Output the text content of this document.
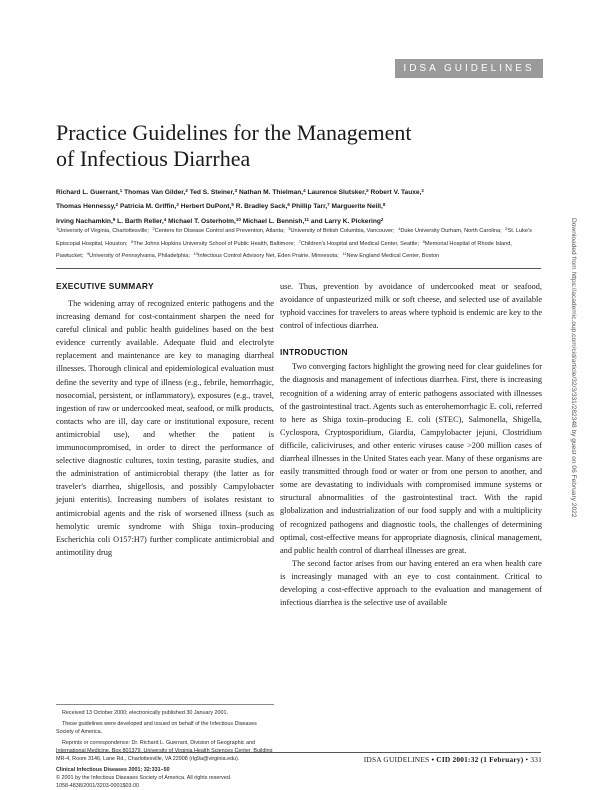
IDSA GUIDELINES
Practice Guidelines for the Management
of Infectious Diarrhea
Richard L. Guerrant,$^1$ Thomas Van Gilder,$^2$ Ted S. Steiner,$^3$ Nathan M. Thielman,$^4$ Laurence Slutsker,$^2$ Robert V. Tauxe,$^2$
Thomas Hennessy,$^2$ Patricia M. Griffin,$^2$ Herbert DuPont,$^5$ R. Bradley Sack,$^6$ Phillip Tarr,$^7$ Marguerite Neill,$^8$
Irving Nachamkin,$^9$ L. Barth Reller,$^4$ Michael T. Osterholm,$^{10}$ Michael L. Bennish,$^{11}$ and Larry K. Pickering$^2$
$^1$University of Virginia, Charlottesville; $^2$Centers for Disease Control and Prevention, Atlanta; $^3$University of British Columbia, Vancouver; $^4$Duke University Durham, North Carolina; $^5$St. Luke's Episcopal Hospital, Houston; $^6$The Johns Hopkins University School of Public Health, Baltimore; $^7$Children's Hospital and Medical Center, Seattle; $^8$Memorial Hospital of Rhode Island, Pawtucket; $^9$University of Pennsylvania, Philadelphia; $^{10}$Infectious Control Advisory Net, Eden Prairie, Minnesota; $^{11}$New England Medical Center, Boston
EXECUTIVE SUMMARY

The widening array of recognized enteric pathogens and the increasing demand for cost-containment sharpen the need for careful clinical and public health guidelines based on the best evidence currently available. Adequate fluid and electrolyte replacement and maintenance are key to managing diarrheal illnesses. Thorough clinical and epidemiological evaluation must define the severity and type of illness (e.g., febrile, hemorrhagic, nosocomial, persistent, or inflammatory), exposures (e.g., travel, ingestion of raw or undercooked meat, seafood, or milk products, contacts who are ill, day care or institutional exposure, recent antimicrobial use), and whether the patient is immunocompromised, in order to direct the performance of selective diagnostic cultures, toxin testing, parasite studies, and the administration of antimicrobial therapy (the latter as for traveler's diarrhea, shigellosis, and possibly Campylobacter jejuni enteritis). Increasing numbers of isolates resistant to antimicrobial agents and the risk of worsened illness (such as hemolytic uremic syndrome with Shiga toxin–producing Escherichia coli O157:H7) further complicate antimicrobial and antimotility drug

use. Thus, prevention by avoidance of undercooked meat or seafood, avoidance of unpasteurized milk or soft cheese, and selected use of available typhoid vaccines for travelers to areas where typhoid is endemic are key to the control of infectious diarrhea.

INTRODUCTION

Two converging factors highlight the growing need for clear guidelines for the diagnosis and management of infectious diarrhea. First, there is increasing recognition of a widening array of enteric pathogens associated with illnesses of the gastrointestinal tract. Agents such as enterohemorrhagic E. coli, referred to here as Shiga toxin–producing E. coli (STEC), Salmonella, Shigella, Cyclospora, Cryptosporidium, Giardia, Campylobacter jejuni, Clostridium difficile, caliciviruses, and other enteric viruses cause >200 million cases of diarrheal illnesses in the United States each year. Many of these organisms are easily transmitted through food or water or from one person to another, and some are devastating to individuals with compromised immune systems or structural abnormalities of the gastrointestinal tract. With the rapid globalization and industrialization of our food supply and with a multiplicity of recognized pathogens and diagnostic tools, the challenges of determining optimal, cost-effective means for appropriate diagnosis, clinical management, and public health control of diarrheal illnesses are great.

The second factor arises from our having entered an era when health care is increasingly managed with an eye to cost containment. Critical to developing a cost-effective approach to the evaluation and management of infectious diarrhea is the selective use of available

Received 13 October 2000; electronically published 30 January 2001.

These guidelines were developed and issued on behalf of the Infectious Diseases Society of America.

Reprints or correspondence: Dr. Richard L. Guerrant, Division of Geographic and International Medicine, Box 801379, University of Virginia Health Sciences Center, Building MR-4, Room 3146, Lane Rd., Charlottesville, VA 22908 (rlg9a@virginia.edu).

Clinical Infectious Diseases 2001; 32:331–50

© 2001 by the Infectious Diseases Society of America. All rights reserved.

1058-4838/2001/3203-0001$03.00

IDSA GUIDELINES • CID 2001:32 (1 February) • 331
Downloaded from https://academic.oup.com/cid/article/32/3/331/282348 by guest on 06 February 2022
